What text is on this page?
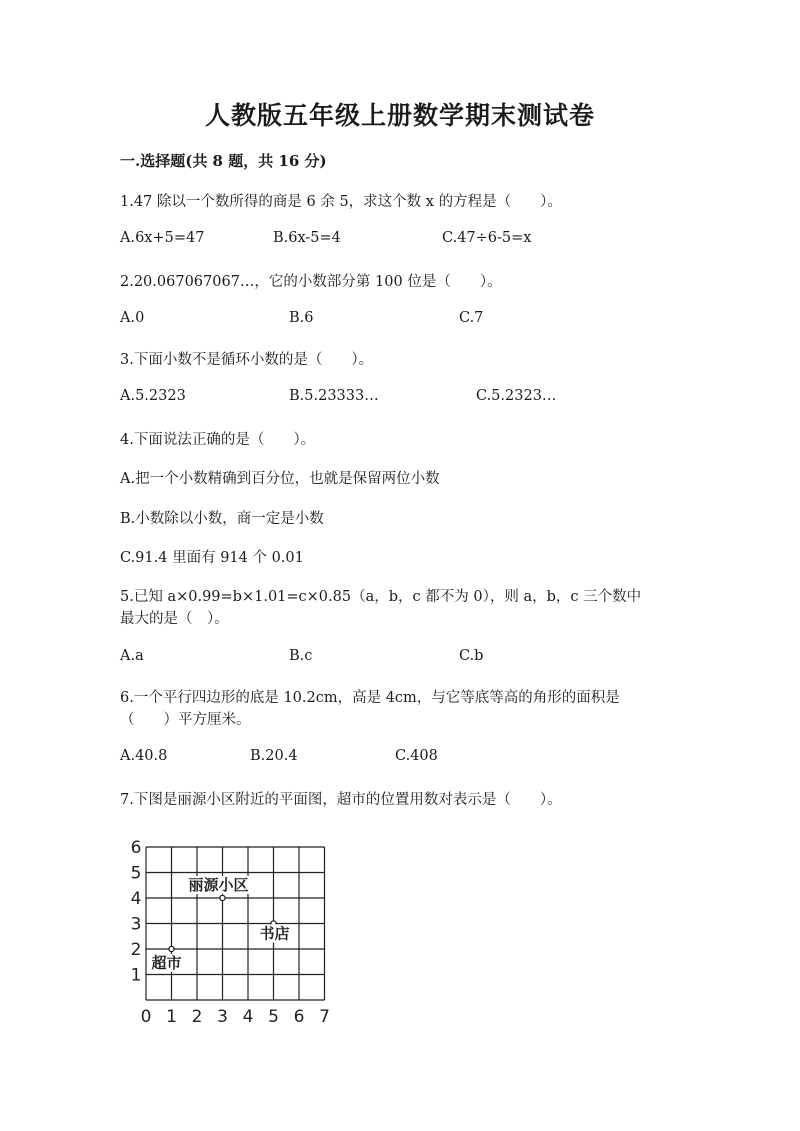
人教版五年级上册数学期末测试卷
一.选择题(共 8 题，共 16 分)
1.47 除以一个数所得的商是 6 余 5，求这个数 x 的方程是（　　）。
A.6x+5=47	B.6x-5=4	C.47÷6-5=x
2.20.067067067…，它的小数部分第 100 位是（　　）。
A.0	B.6	C.7
3.下面小数不是循环小数的是（　　）。
A.5.2323	B.5.23333…	C.5.2323…
4.下面说法正确的是（　　）。
A.把一个小数精确到百分位，也就是保留两位小数
B.小数除以小数，商一定是小数
C.91.4 里面有 914 个 0.01
5.已知 a×0.99=b×1.01=c×0.85（a，b，c 都不为 0），则 a，b，c 三个数中
最大的是（　）。
A.a	B.c	C.b
6.一个平行四边形的底是 10.2cm，高是 4cm，与它等底等高的角形的面积是
（　　）平方厘米。
A.40.8	B.20.4	C.408
7.下图是丽源小区附近的平面图，超市的位置用数对表示是（　　）。
0 1 2 3 4 5 6 7
1
2
3
4
5
6
丽源小区
书店
超市
